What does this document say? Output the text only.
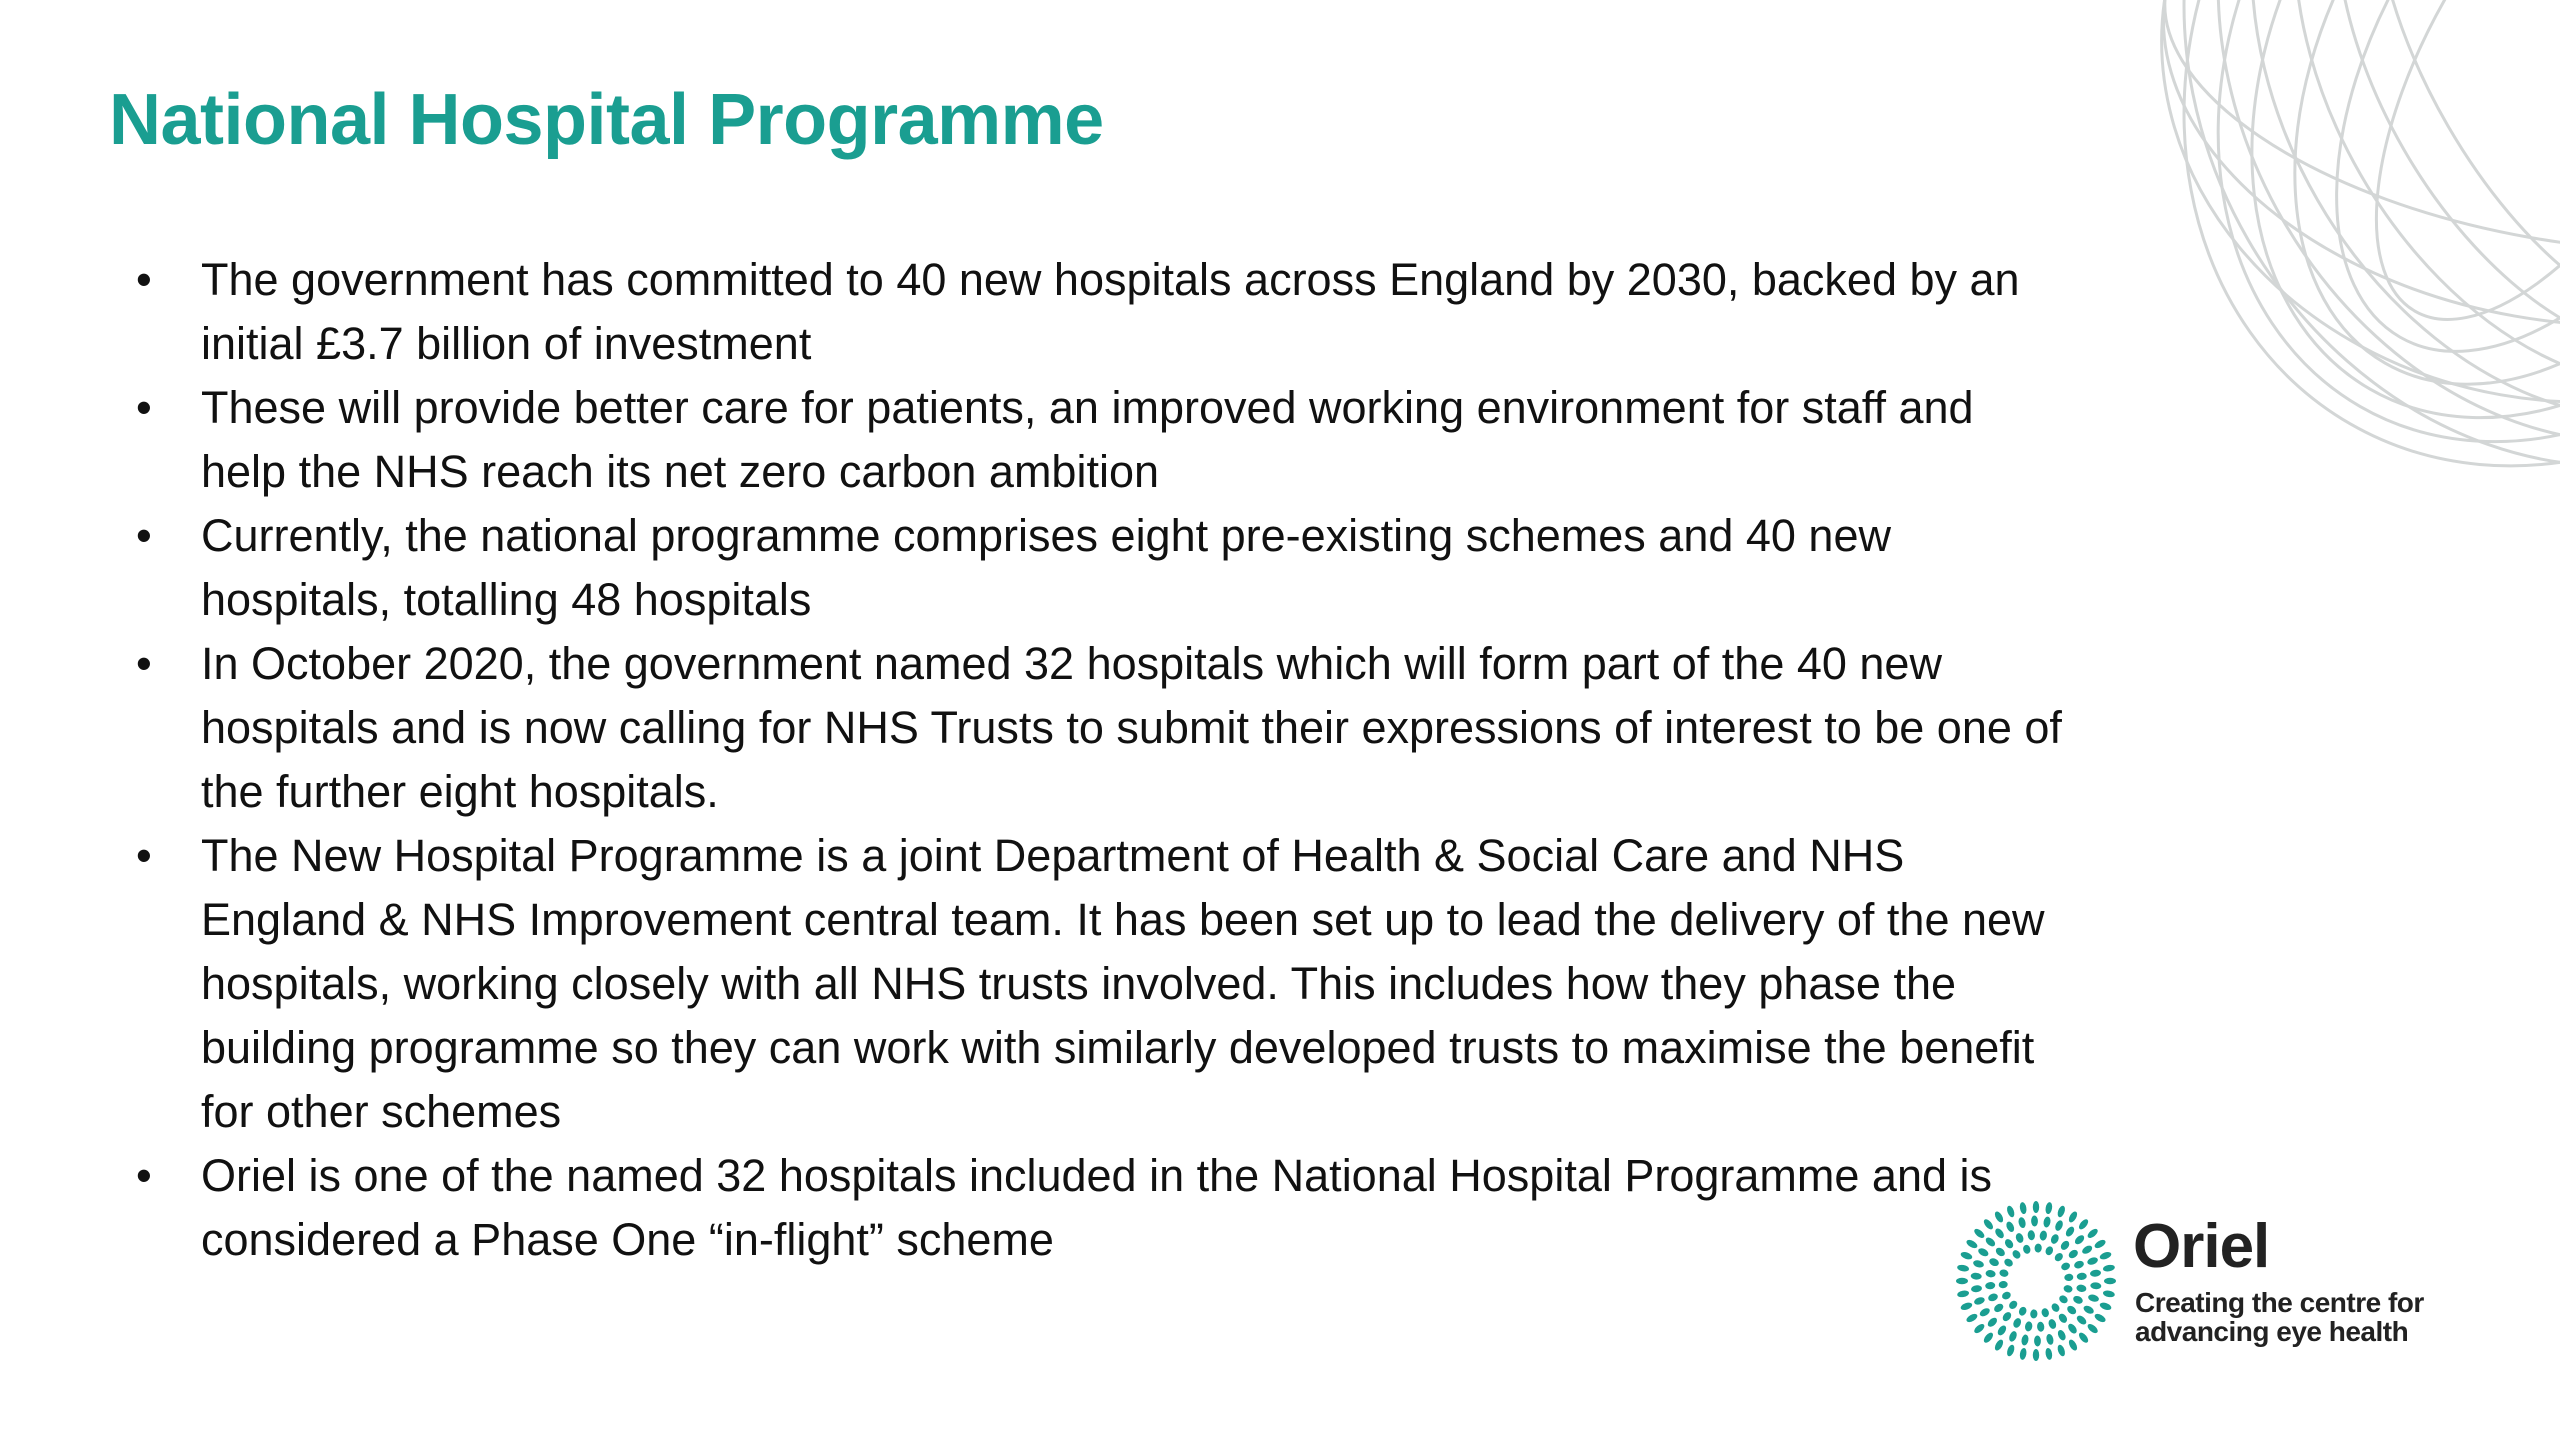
National Hospital Programme
•	The government has committed to 40 new hospitals across England by 2030, backed by an initial £3.7 billion of investment
•	These will provide better care for patients, an improved working environment for staff and help the NHS reach its net zero carbon ambition
•	Currently, the national programme comprises eight pre-existing schemes and 40 new hospitals, totalling 48 hospitals
•	In October 2020, the government named 32 hospitals which will form part of the 40 new hospitals and is now calling for NHS Trusts to submit their expressions of interest to be one of the further eight hospitals.
•	The New Hospital Programme is a joint Department of Health & Social Care and NHS England & NHS Improvement central team. It has been set up to lead the delivery of the new hospitals, working closely with all NHS trusts involved. This includes how they phase the building programme so they can work with similarly developed trusts to maximise the benefit for other schemes
•	Oriel is one of the named 32 hospitals included in the National Hospital Programme and is considered a Phase One “in-flight” scheme	Oriel
Creating the centre for advancing eye health
